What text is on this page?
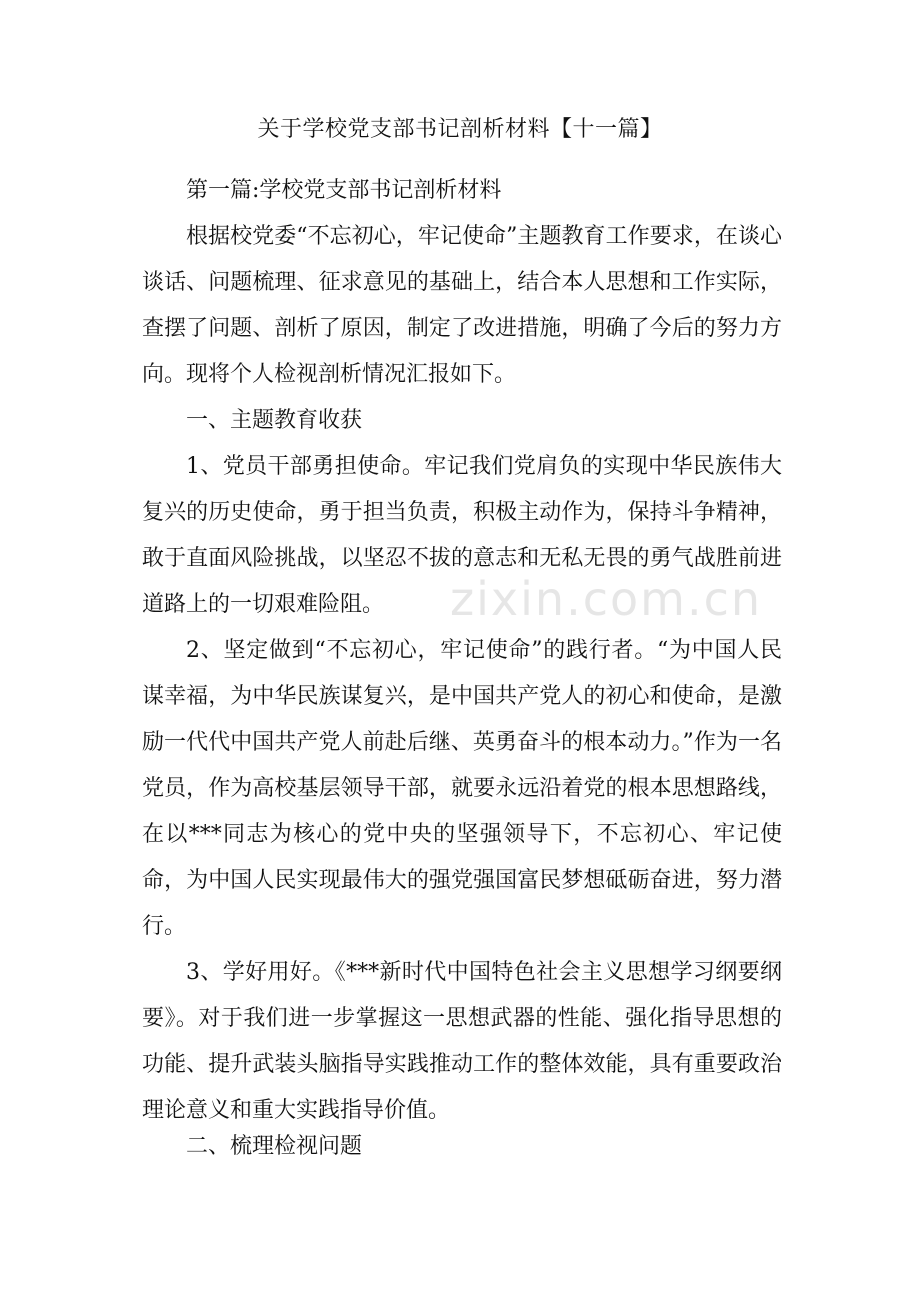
zixin.com.cn
关于学校党支部书记剖析材料【十一篇】

第一篇:学校党支部书记剖析材料

根据校党委“不忘初心，牢记使命”主题教育工作要求，在谈心谈话、问题梳理、征求意见的基础上，结合本人思想和工作实际，查摆了问题、剖析了原因，制定了改进措施，明确了今后的努力方向。现将个人检视剖析情况汇报如下。

一、主题教育收获

1、党员干部勇担使命。牢记我们党肩负的实现中华民族伟大复兴的历史使命，勇于担当负责，积极主动作为，保持斗争精神，敢于直面风险挑战，以坚忍不拔的意志和无私无畏的勇气战胜前进道路上的一切艰难险阻。

2、坚定做到“不忘初心，牢记使命”的践行者。“为中国人民谋幸福，为中华民族谋复兴，是中国共产党人的初心和使命，是激励一代代中国共产党人前赴后继、英勇奋斗的根本动力。”作为一名党员，作为高校基层领导干部，就要永远沿着党的根本思想路线，在以***同志为核心的党中央的坚强领导下，不忘初心、牢记使命，为中国人民实现最伟大的强党强国富民梦想砥砺奋进，努力潜行。

3、学好用好。《***新时代中国特色社会主义思想学习纲要纲要》。对于我们进一步掌握这一思想武器的性能、强化指导思想的功能、提升武装头脑指导实践推动工作的整体效能，具有重要政治理论意义和重大实践指导价值。

二、梳理检视问题
